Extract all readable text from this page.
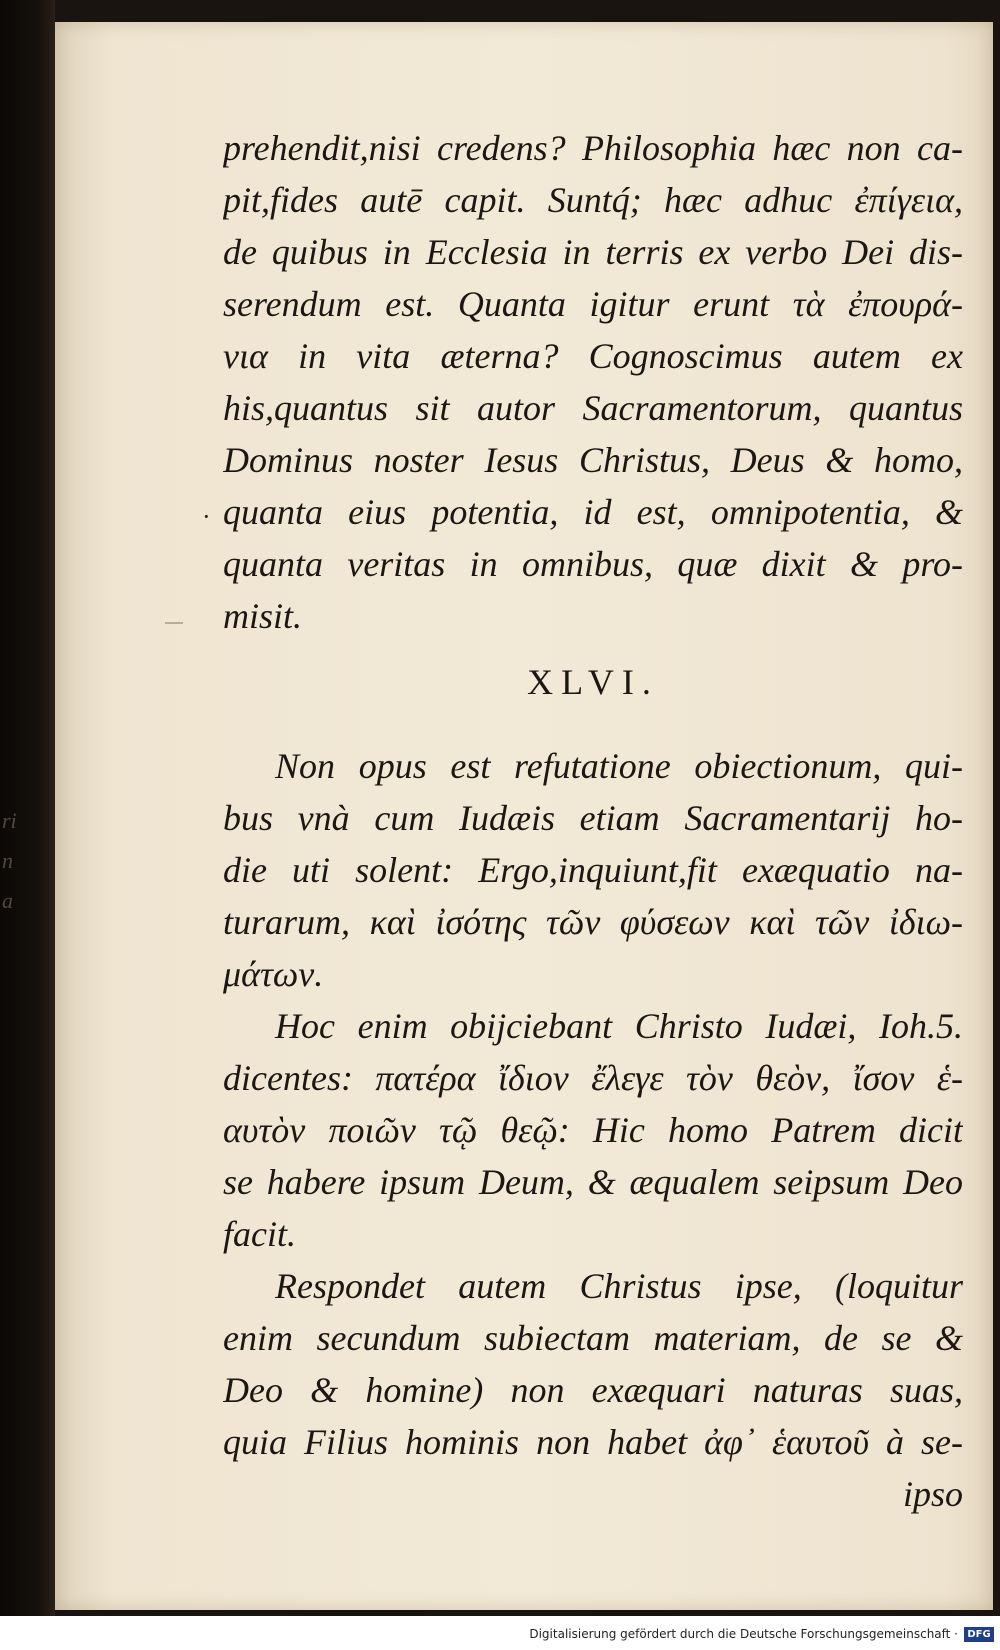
ri
n
a
·
prehendit,nisi credens? Philosophia hæc non ca-
pit,fides autē capit. Suntq́; hæc adhuc ἐπίγεια,
de quibus in Ecclesia in terris ex verbo Dei dis-
serendum est. Quanta igitur erunt τὰ ἐπουρά-
νια in vita æterna? Cognoscimus autem ex
his,quantus sit autor Sacramentorum, quantus
Dominus noster Iesus Christus, Deus & homo,
quanta eius potentia, id est, omnipotentia, &
quanta veritas in omnibus, quæ dixit & pro-
misit.
XLVI.
Non opus est refutatione obiectionum, qui-
bus vnà cum Iudæis etiam Sacramentarij ho-
die uti solent: Ergo,inquiunt,fit exæquatio na-
turarum, καὶ ἰσότης τῶν φύσεων καὶ τῶν ἰδιω-
μάτων.
Hoc enim obijciebant Christo Iudæi, Ioh.5.
dicentes: πατέρα ἴδιον ἔλεγε τὸν θεὸν, ἴσον ἑ-
αυτὸν ποιῶν τῷ θεῷ: Hic homo Patrem dicit
se habere ipsum Deum, & æqualem seipsum Deo
facit.
Respondet autem Christus ipse, (loquitur
enim secundum subiectam materiam, de se &
Deo & homine) non exæquari naturas suas,
quia Filius hominis non habet ἀφ᾽ ἑαυτοῦ à se-
ipso
Digitalisierung gefördert durch die Deutsche Forschungsgemeinschaft · DFG
